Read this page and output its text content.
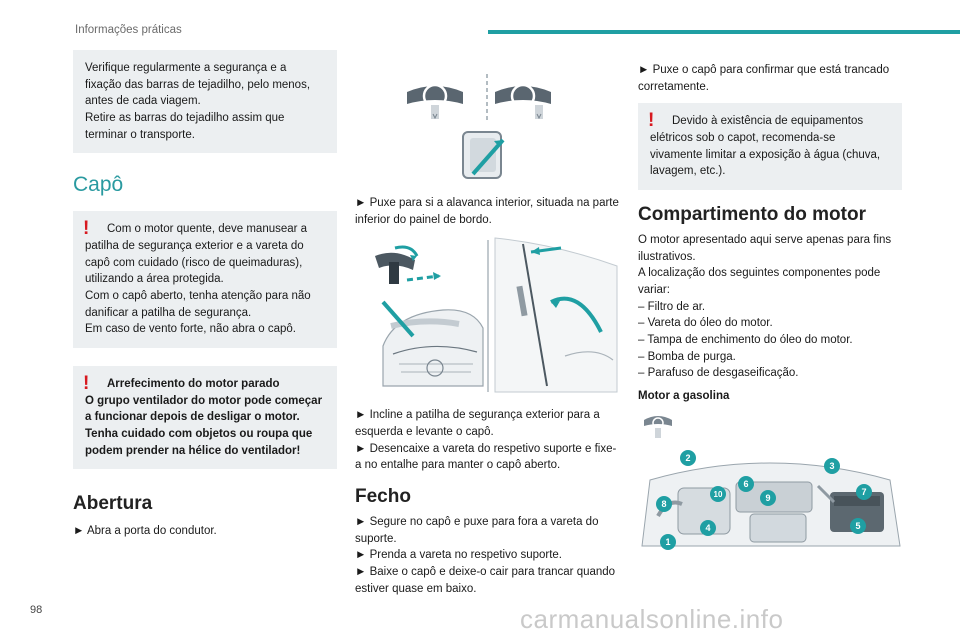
Informações práticas

Verifique regularmente a segurança e a fixação das barras de tejadilho, pelo menos, antes de cada viagem.

Retire as barras do tejadilho assim que terminar o transporte.

Capô
!	Com o motor quente, deve manusear a patilha de segurança exterior e a vareta do capô com cuidado (risco de queimaduras), utilizando a área protegida.

Com o capô aberto, tenha atenção para não danificar a patilha de segurança.

Em caso de vento forte, não abra o capô.

!	Arrefecimento do motor parado

O grupo ventilador do motor pode começar a funcionar depois de desligar o motor.

Tenha cuidado com objetos ou roupa que podem prender na hélice do ventilador!

Abertura

► Abra a porta do condutor.

► Puxe para si a alavanca interior, situada na parte inferior do painel de bordo.

► Incline a patilha de segurança exterior para a esquerda e levante o capô.

► Desencaixe a vareta do respetivo suporte e fixe-a no entalhe para manter o capô aberto.

Fecho

► Segure no capô e puxe para fora a vareta do suporte.

► Prenda a vareta no respetivo suporte.

► Baixe o capô e deixe-o cair para trancar quando estiver quase em baixo.

► Puxe o capô para confirmar que está trancado corretamente.

!	Devido à existência de equipamentos elétricos sob o capot, recomenda-se vivamente limitar a exposição à água (chuva, lavagem, etc.).

Compartimento do motor

O motor apresentado aqui serve apenas para fins ilustrativos.

A localização dos seguintes componentes pode variar:

– Filtro de ar.
– Vareta do óleo do motor.
– Tampa de enchimento do óleo do motor.
– Bomba de purga.
– Parafuso de desgaseificação.

Motor a gasolina

1
2
3
4	5
6
7
8
9
10
98	carmanualsonline.info
